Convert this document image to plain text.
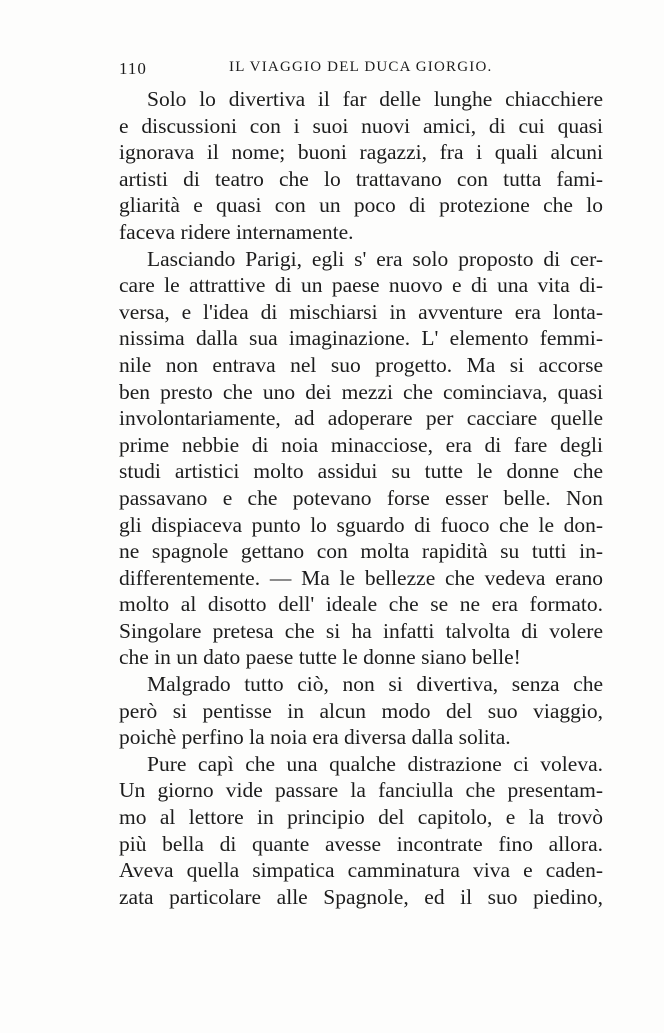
110	IL VIAGGIO DEL DUCA GIORGIO.
Solo lo divertiva il far delle lunghe chiacchiere
e discussioni con i suoi nuovi amici, di cui quasi
ignorava il nome; buoni ragazzi, fra i quali alcuni
artisti di teatro che lo trattavano con tutta fami-
gliarità e quasi con un poco di protezione che lo
faceva ridere internamente.
Lasciando Parigi, egli s' era solo proposto di cer-
care le attrattive di un paese nuovo e di una vita di-
versa, e l'idea di mischiarsi in avventure era lonta-
nissima dalla sua imaginazione. L' elemento femmi-
nile non entrava nel suo progetto. Ma si accorse
ben presto che uno dei mezzi che cominciava, quasi
involontariamente, ad adoperare per cacciare quelle
prime nebbie di noia minacciose, era di fare degli
studi artistici molto assidui su tutte le donne che
passavano e che potevano forse esser belle. Non
gli dispiaceva punto lo sguardo di fuoco che le don-
ne spagnole gettano con molta rapidità su tutti in-
differentemente. — Ma le bellezze che vedeva erano
molto al disotto dell' ideale che se ne era formato.
Singolare pretesa che si ha infatti talvolta di volere
che in un dato paese tutte le donne siano belle!
Malgrado tutto ciò, non si divertiva, senza che
però si pentisse in alcun modo del suo viaggio,
poichè perfino la noia era diversa dalla solita.
Pure capì che una qualche distrazione ci voleva.
Un giorno vide passare la fanciulla che presentam-
mo al lettore in principio del capitolo, e la trovò
più bella di quante avesse incontrate fino allora.
Aveva quella simpatica camminatura viva e caden-
zata particolare alle Spagnole, ed il suo piedino,
